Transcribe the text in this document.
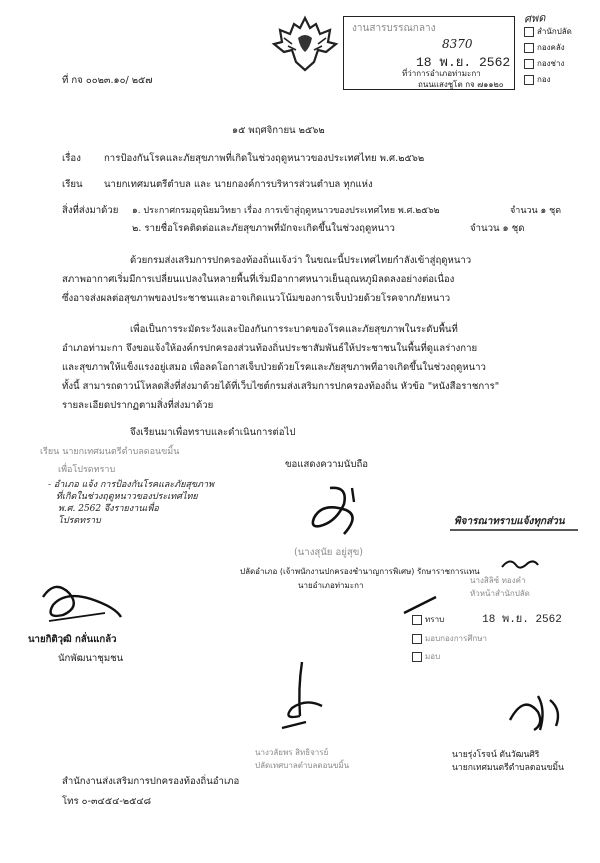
งานสารบรรณกลาง
8370
18 พ.ย. 2562
ที่ว่าการอำเภอท่ามะกา
ถนนแสงชูโต กจ ๗๑๑๒๐
ศพด
สำนักปลัด
กองคลัง
กองช่าง
กอง
ที่ กจ ๐๐๒๓.๑๐/ ๒๕๗
๑๕ พฤศจิกายน ๒๕๖๒
เรื่อง การป้องกันโรคและภัยสุขภาพที่เกิดในช่วงฤดูหนาวของประเทศไทย พ.ศ.๒๕๖๒
เรียน นายกเทศมนตรีตำบล และ นายกองค์การบริหารส่วนตำบล ทุกแห่ง
สิ่งที่ส่งมาด้วย ๑. ประกาศกรมอุตุนิยมวิทยา เรื่อง การเข้าสู่ฤดูหนาวของประเทศไทย พ.ศ.๒๕๖๒	จำนวน ๑ ชุด
๒. รายชื่อโรคติดต่อและภัยสุขภาพที่มักจะเกิดขึ้นในช่วงฤดูหนาว	จำนวน ๑ ชุด
ด้วยกรมส่งเสริมการปกครองท้องถิ่นแจ้งว่า ในขณะนี้ประเทศไทยกำลังเข้าสู่ฤดูหนาว
สภาพอากาศเริ่มมีการเปลี่ยนแปลงในหลายพื้นที่เริ่มมีอากาศหนาวเย็นอุณหภูมิลดลงอย่างต่อเนื่อง
ซึ่งอาจส่งผลต่อสุขภาพของประชาชนและอาจเกิดแนวโน้มของการเจ็บป่วยด้วยโรคจากภัยหนาว
เพื่อเป็นการระมัดระวังและป้องกันการระบาดของโรคและภัยสุขภาพในระดับพื้นที่
อำเภอท่ามะกา จึงขอแจ้งให้องค์กรปกครองส่วนท้องถิ่นประชาสัมพันธ์ให้ประชาชนในพื้นที่ดูแลร่างกาย
และสุขภาพให้แข็งแรงอยู่เสมอ เพื่อลดโอกาสเจ็บป่วยด้วยโรคและภัยสุขภาพที่อาจเกิดขึ้นในช่วงฤดูหนาว
ทั้งนี้ สามารถดาวน์โหลดสิ่งที่ส่งมาด้วยได้ที่เว็บไซต์กรมส่งเสริมการปกครองท้องถิ่น หัวข้อ "หนังสือราชการ"
รายละเอียดปรากฏตามสิ่งที่ส่งมาด้วย
จึงเรียนมาเพื่อทราบและดำเนินการต่อไป
ขอแสดงความนับถือ
เรียน นายกเทศมนตรีตำบลดอนขมิ้น
เพื่อโปรดทราบ
- อำเภอ แจ้ง การป้องกันโรคและภัยสุขภาพ
ที่เกิดในช่วงฤดูหนาวของประเทศไทย
พ.ศ. 2562 จึงรายงานเพื่อ
โปรดทราบ
(นางสุนัย อยู่สุข)
ปลัดอำเภอ (เจ้าพนักงานปกครองชำนาญการพิเศษ) รักษาราชการแทน
นายอำเภอท่ามะกา
พิจารณาทราบแจ้งทุกส่วน
นางสิลิซ์ ทองคำ
หัวหน้าสำนักปลัด
นายกิติวุฒิ กลั่นแกล้ว
นักพัฒนาชุมชน
ทราบ	18 พ.ย. 2562
มอบกองการศึกษา
มอบ
นางวลัยพร สิทธิจารย์
ปลัดเทศบาลตำบลดอนขมิ้น
นายรุ่งโรจน์ ตันวัฒนศิริ
นายกเทศมนตรีตำบลดอนขมิ้น
สำนักงานส่งเสริมการปกครองท้องถิ่นอำเภอ
โทร ๐-๓๔๕๔-๒๕๔๘
